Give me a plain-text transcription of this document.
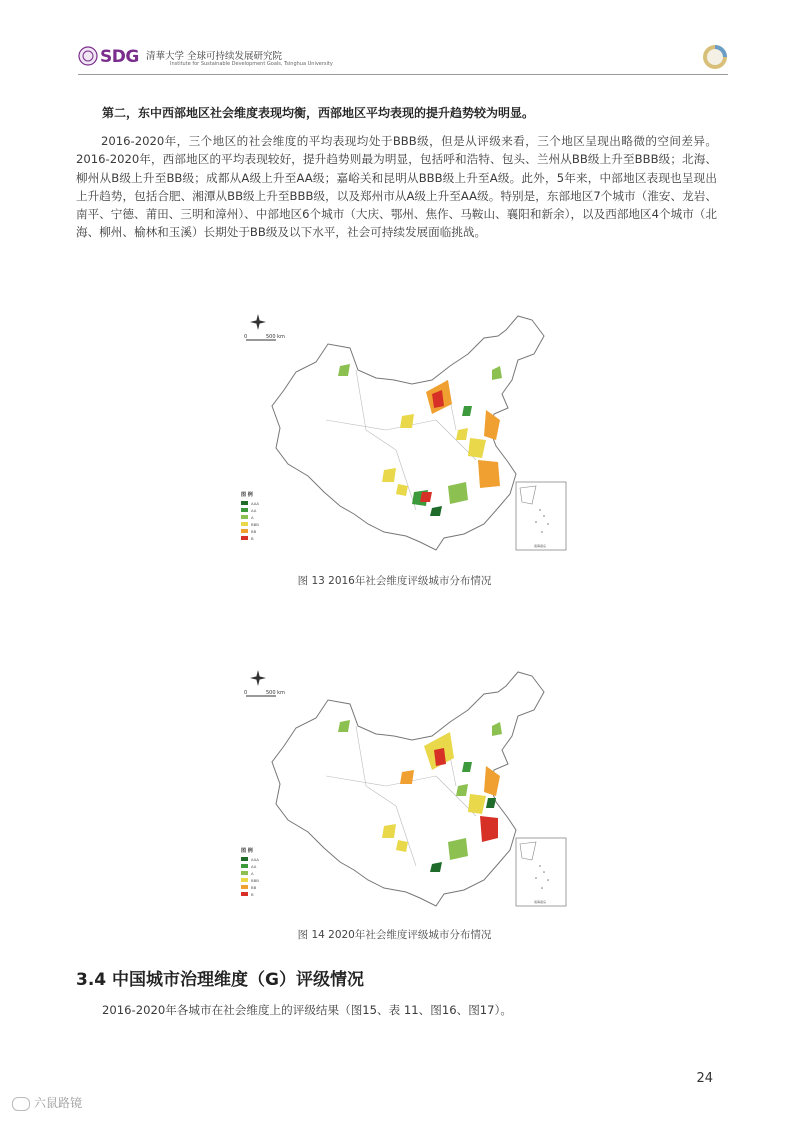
SDG 清華大学 全球可持续发展研究院
Institute for Sustainable Development Goals, Tsinghua University
第二，东中西部地区社会维度表现均衡，西部地区平均表现的提升趋势较为明显。
2016-2020年，三个地区的社会维度的平均表现均处于BBB级，但是从评级来看，三个地区呈现出略微的空间差异。2016-2020年，西部地区的平均表现较好，提升趋势则最为明显，包括呼和浩特、包头、兰州从BB级上升至BBB级；北海、柳州从B级上升至BB级；成都从A级上升至AA级；嘉峪关和昆明从BBB级上升至A级。此外，5年来，中部地区表现也呈现出上升趋势，包括合肥、湘潭从BB级上升至BBB级，以及郑州市从A级上升至AA级。特别是，东部地区7个城市（淮安、龙岩、南平、宁德、莆田、三明和漳州）、中部地区6个城市（大庆、鄂州、焦作、马鞍山、襄阳和新余），以及西部地区4个城市（北海、柳州、榆林和玉溪）长期处于BB级及以下水平，社会可持续发展面临挑战。
0	500 km
图 例
AAA
AA
A
BBB
BB
B
南海诸岛
图 13 2016年社会维度评级城市分布情况
0	500 km
图 例
AAA
AA
A
BBB
BB
B
南海诸岛
图 14 2020年社会维度评级城市分布情况
3.4 中国城市治理维度（G）评级情况
2016-2020年各城市在社会维度上的评级结果（图15、表 11、图16、图17）。
24
六鼠路镜
